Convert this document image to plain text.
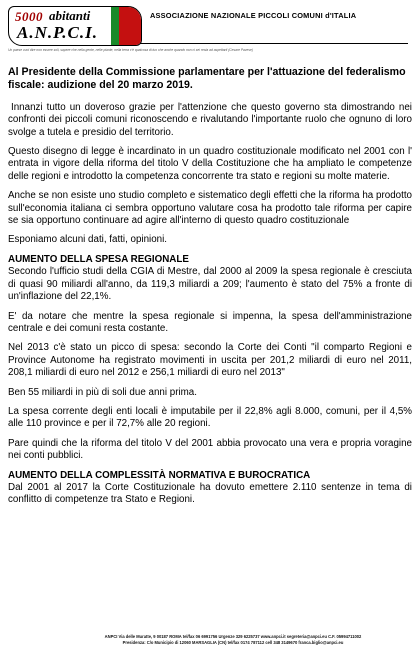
5000 abitanti
A.N.P.C.I.
ASSOCIAZIONE NAZIONALE PICCOLI COMUNI d'ITALIA
Un paese vuol dire non essere soli, sapere che nella gente, nelle piante, nella terra c'è qualcosa di tuo che anche quando non ci sei resta ad aspettarti (Cesare Pavese)
Al Presidente della Commissione parlamentare per l'attuazione del federalismo fiscale: audizione del 20 marzo 2019.
Innanzi tutto un doveroso grazie per l'attenzione che questo governo sta dimostrando nei confronti dei piccoli comuni riconoscendo e rivalutando l'importante ruolo che ognuno di loro svolge a tutela e presidio del territorio.
Questo disegno di legge è incardinato in un quadro costituzionale modificato nel 2001 con l' entrata in vigore della riforma del titolo V della Costituzione che ha ampliato le competenze delle regioni e introdotto la competenza concorrente tra stato e regioni su molte materie.
Anche se non esiste uno studio completo e sistematico degli effetti che la riforma ha prodotto sull'economia italiana ci sembra opportuno valutare cosa ha prodotto tale riforma per capire se sia opportuno continuare ad agire all'interno di questo quadro costituzionale
Esponiamo alcuni dati, fatti, opinioni.
AUMENTO DELLA SPESA REGIONALE
Secondo l'ufficio studi della CGIA di Mestre, dal 2000 al 2009 la spesa regionale è cresciuta di quasi 90 miliardi all'anno, da 119,3 miliardi a 209; l'aumento è stato del 75% a fronte di un'inflazione del 22,1%.
E' da notare che mentre la spesa regionale si impenna, la spesa dell'amministrazione centrale e dei comuni resta costante.
Nel 2013 c'è stato un picco di spesa: secondo la Corte dei Conti "il comparto Regioni e Province Autonome ha registrato movimenti in uscita per 201,2 miliardi di euro nel 2011, 208,1 miliardi di euro nel 2012 e 256,1 miliardi di euro nel 2013"
Ben 55 miliardi in più di soli due anni prima.
La spesa corrente degli enti locali è imputabile per il 22,8% agli 8.000, comuni, per il 4,5% alle 110 province e per il 72,7% alle 20 regioni.
Pare quindi che la riforma del titolo V del 2001 abbia provocato una vera e propria voragine nei conti pubblici.
AUMENTO DELLA COMPLESSITÀ NORMATIVA E BUROCRATICA
Dal 2001 al 2017 la Corte Costituzionale ha dovuto emettere 2.110 sentenze in tema di conflitto di competenze tra Stato e Regioni.
ANPCI Via delle Muratte, 9 00187 ROMA tel/fax 06 6991756 Urgenze 329 6225737 www.anpci.it segreteria@anpci.eu C.F. 05994711002
Presidenza: C/o Municipio di 12060 MARSAGLIA (CN) tel/fax 0174 787112 cell 348 3149670 franca.biglio@anpci.eu
